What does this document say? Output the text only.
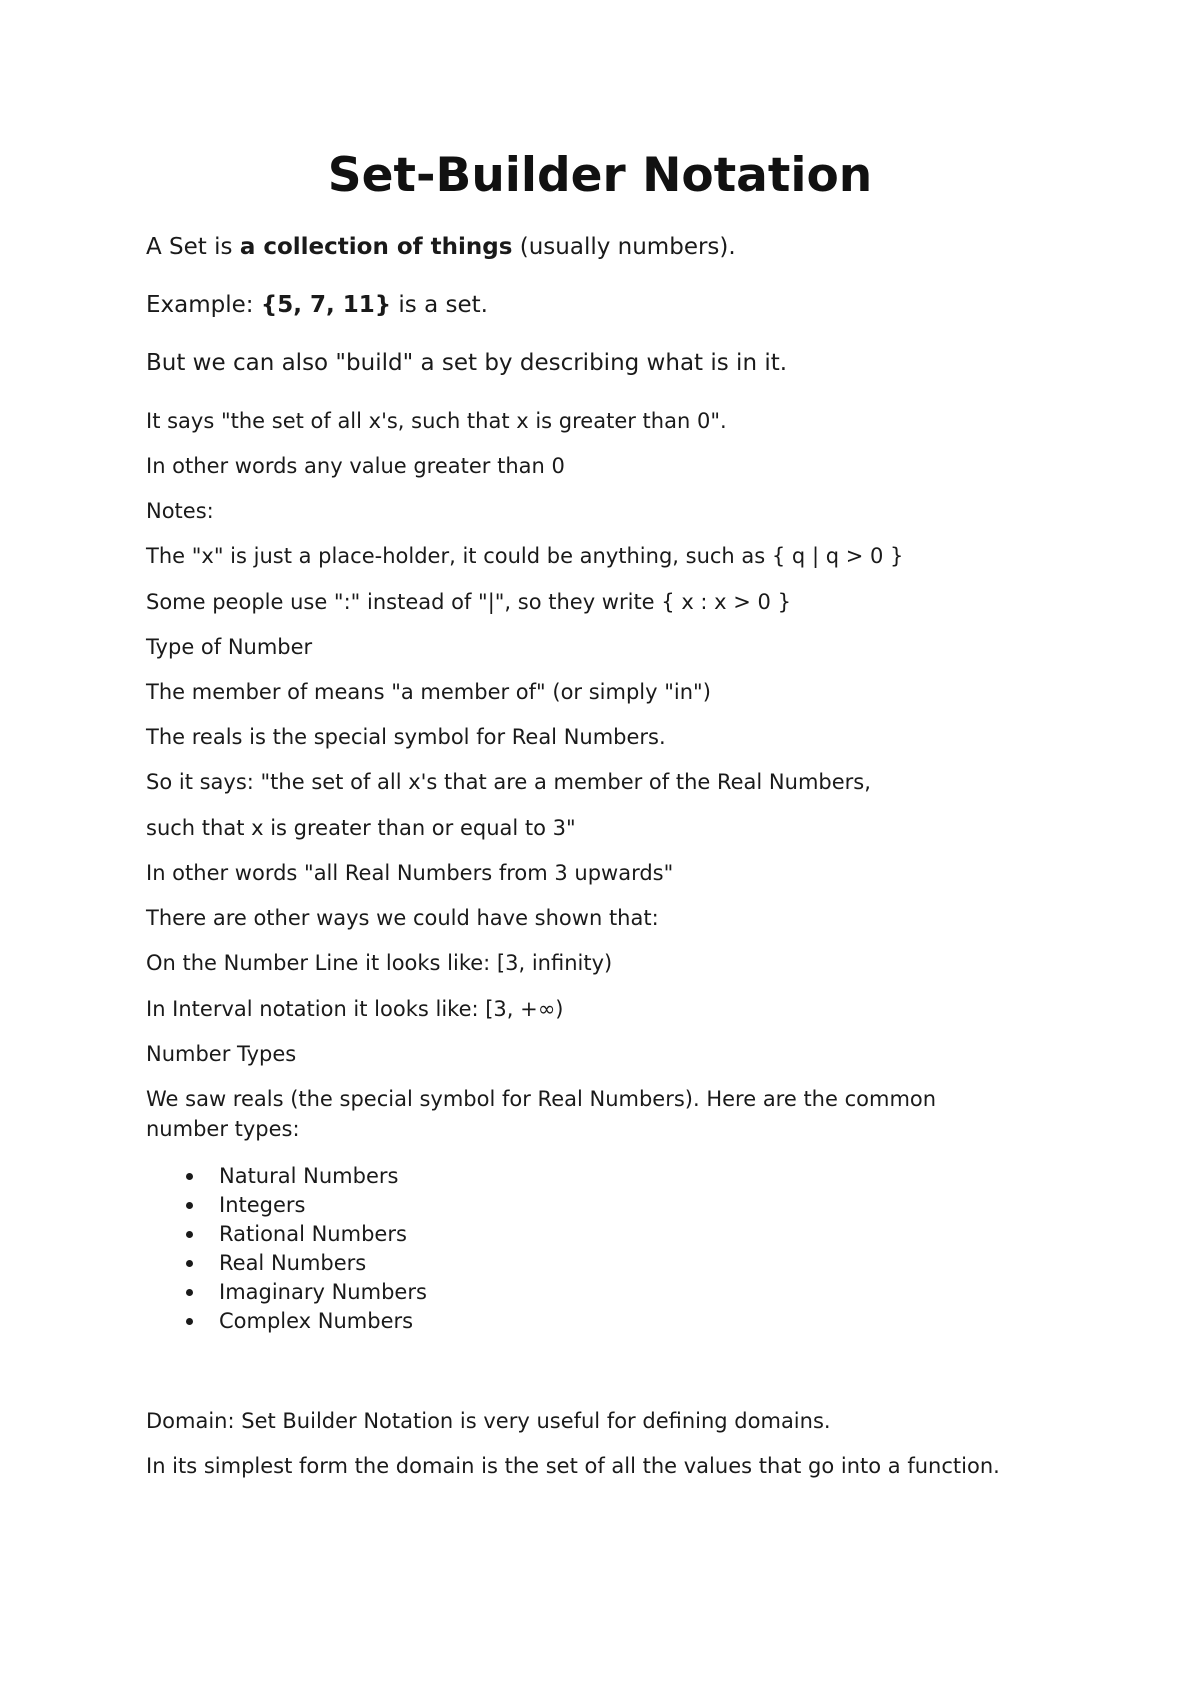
Set-Builder Notation

A Set is a collection of things (usually numbers).

Example: {5, 7, 11} is a set.

But we can also "build" a set by describing what is in it.

It says "the set of all x's, such that x is greater than 0".

In other words any value greater than 0

Notes:

The "x" is just a place-holder, it could be anything, such as { q | q > 0 }

Some people use ":" instead of "|", so they write { x : x > 0 }

Type of Number

The member of means "a member of" (or simply "in")

The reals is the special symbol for Real Numbers.

So it says: "the set of all x's that are a member of the Real Numbers,

such that x is greater than or equal to 3"

In other words "all Real Numbers from 3 upwards"

There are other ways we could have shown that:

On the Number Line it looks like: [3, infinity)

In Interval notation it looks like: [3, +∞)

Number Types

We saw reals (the special symbol for Real Numbers). Here are the common number types:

Natural Numbers
Integers
Rational Numbers
Real Numbers
Imaginary Numbers
Complex Numbers

Domain: Set Builder Notation is very useful for defining domains.

In its simplest form the domain is the set of all the values that go into a function.
